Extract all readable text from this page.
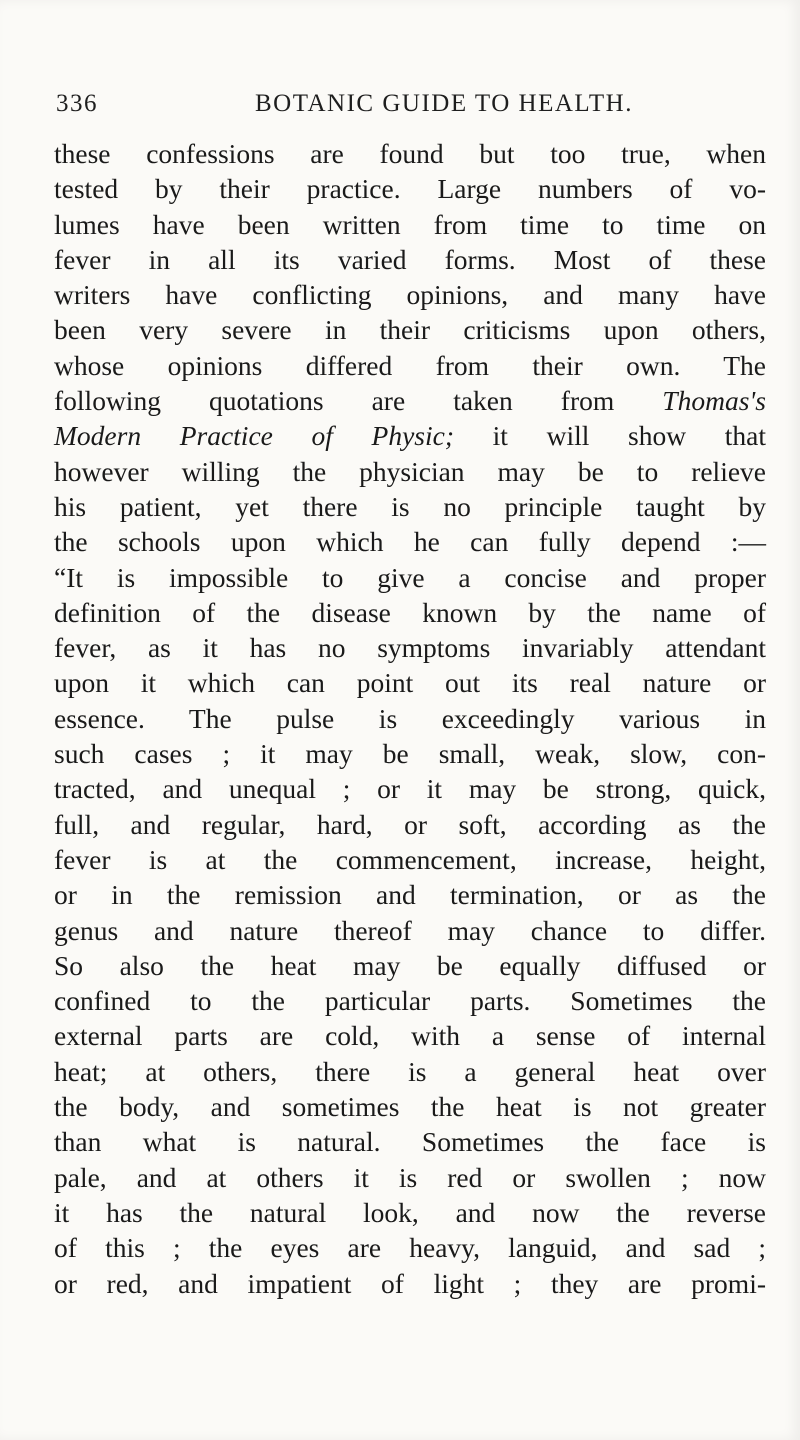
336	BOTANIC GUIDE TO HEALTH.
these confessions are found but too true, when
tested by their practice. Large numbers of vo-
lumes have been written from time to time on
fever in all its varied forms. Most of these
writers have conflicting opinions, and many have
been very severe in their criticisms upon others,
whose opinions differed from their own. The
following quotations are taken from Thomas's
Modern Practice of Physic; it will show that
however willing the physician may be to relieve
his patient, yet there is no principle taught by
the schools upon which he can fully depend :—
“It is impossible to give a concise and proper
definition of the disease known by the name of
fever, as it has no symptoms invariably attendant
upon it which can point out its real nature or
essence. The pulse is exceedingly various in
such cases ; it may be small, weak, slow, con-
tracted, and unequal ; or it may be strong, quick,
full, and regular, hard, or soft, according as the
fever is at the commencement, increase, height,
or in the remission and termination, or as the
genus and nature thereof may chance to differ.
So also the heat may be equally diffused or
confined to the particular parts. Sometimes the
external parts are cold, with a sense of internal
heat; at others, there is a general heat over
the body, and sometimes the heat is not greater
than what is natural. Sometimes the face is
pale, and at others it is red or swollen ; now
it has the natural look, and now the reverse
of this ; the eyes are heavy, languid, and sad ;
or red, and impatient of light ; they are promi-
